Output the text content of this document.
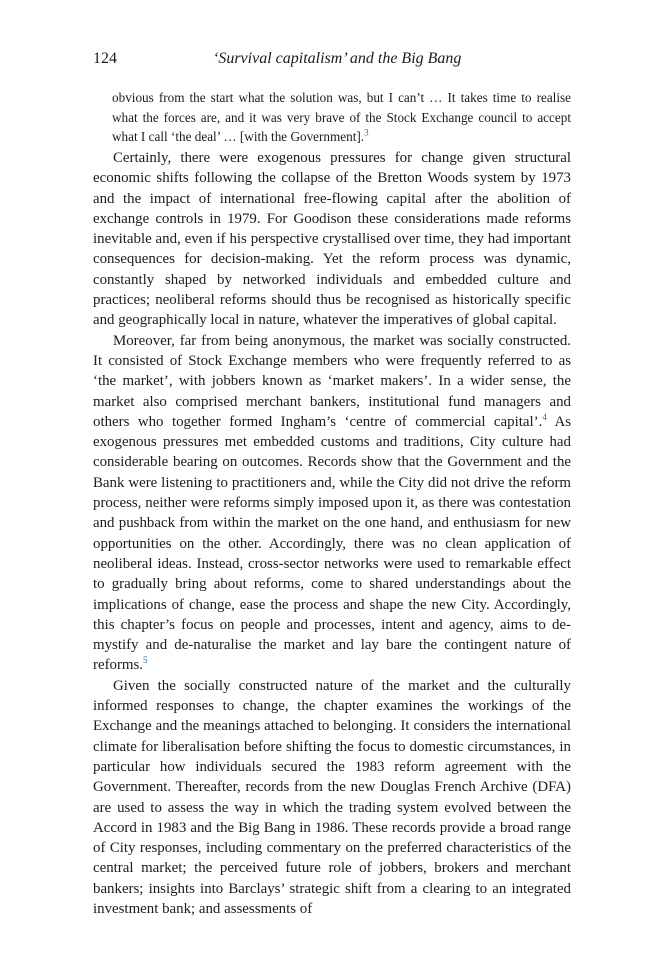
124	‘Survival capitalism’ and the Big Bang

obvious from the start what the solution was, but I can’t … It takes time to realise what the forces are, and it was very brave of the Stock Exchange council to accept what I call ‘the deal’ … [with the Government].$^3$

Certainly, there were exogenous pressures for change given structural economic shifts following the collapse of the Bretton Woods system by 1973 and the impact of international free-flowing capital after the abolition of exchange controls in 1979. For Goodison these considerations made reforms inevitable and, even if his perspective crystallised over time, they had important consequences for decision-making. Yet the reform process was dynamic, constantly shaped by networked individuals and embedded culture and practices; neoliberal reforms should thus be recognised as historically specific and geographically local in nature, whatever the imperatives of global capital.

Moreover, far from being anonymous, the market was socially constructed. It consisted of Stock Exchange members who were frequently referred to as ‘the market’, with jobbers known as ‘market makers’. In a wider sense, the market also comprised merchant bankers, institutional fund managers and others who together formed Ingham’s ‘centre of commercial capital’.$^4$ As exogenous pressures met embedded customs and traditions, City culture had considerable bearing on outcomes. Records show that the Government and the Bank were listening to practitioners and, while the City did not drive the reform process, neither were reforms simply imposed upon it, as there was contestation and pushback from within the market on the one hand, and enthusiasm for new opportunities on the other. Accordingly, there was no clean application of neoliberal ideas. Instead, cross-sector networks were used to remarkable effect to gradually bring about reforms, come to shared understandings about the implications of change, ease the process and shape the new City. Accordingly, this chapter’s focus on people and processes, intent and agency, aims to de-mystify and de-naturalise the market and lay bare the contingent nature of reforms.$^5$

Given the socially constructed nature of the market and the culturally informed responses to change, the chapter examines the workings of the Exchange and the meanings attached to belonging. It considers the international climate for liberalisation before shifting the focus to domestic circumstances, in particular how individuals secured the 1983 reform agreement with the Government. Thereafter, records from the new Douglas French Archive (DFA) are used to assess the way in which the trading system evolved between the Accord in 1983 and the Big Bang in 1986. These records provide a broad range of City responses, including commentary on the preferred characteristics of the central market; the perceived future role of jobbers, brokers and merchant bankers; insights into Barclays’ strategic shift from a clearing to an integrated investment bank; and assessments of
